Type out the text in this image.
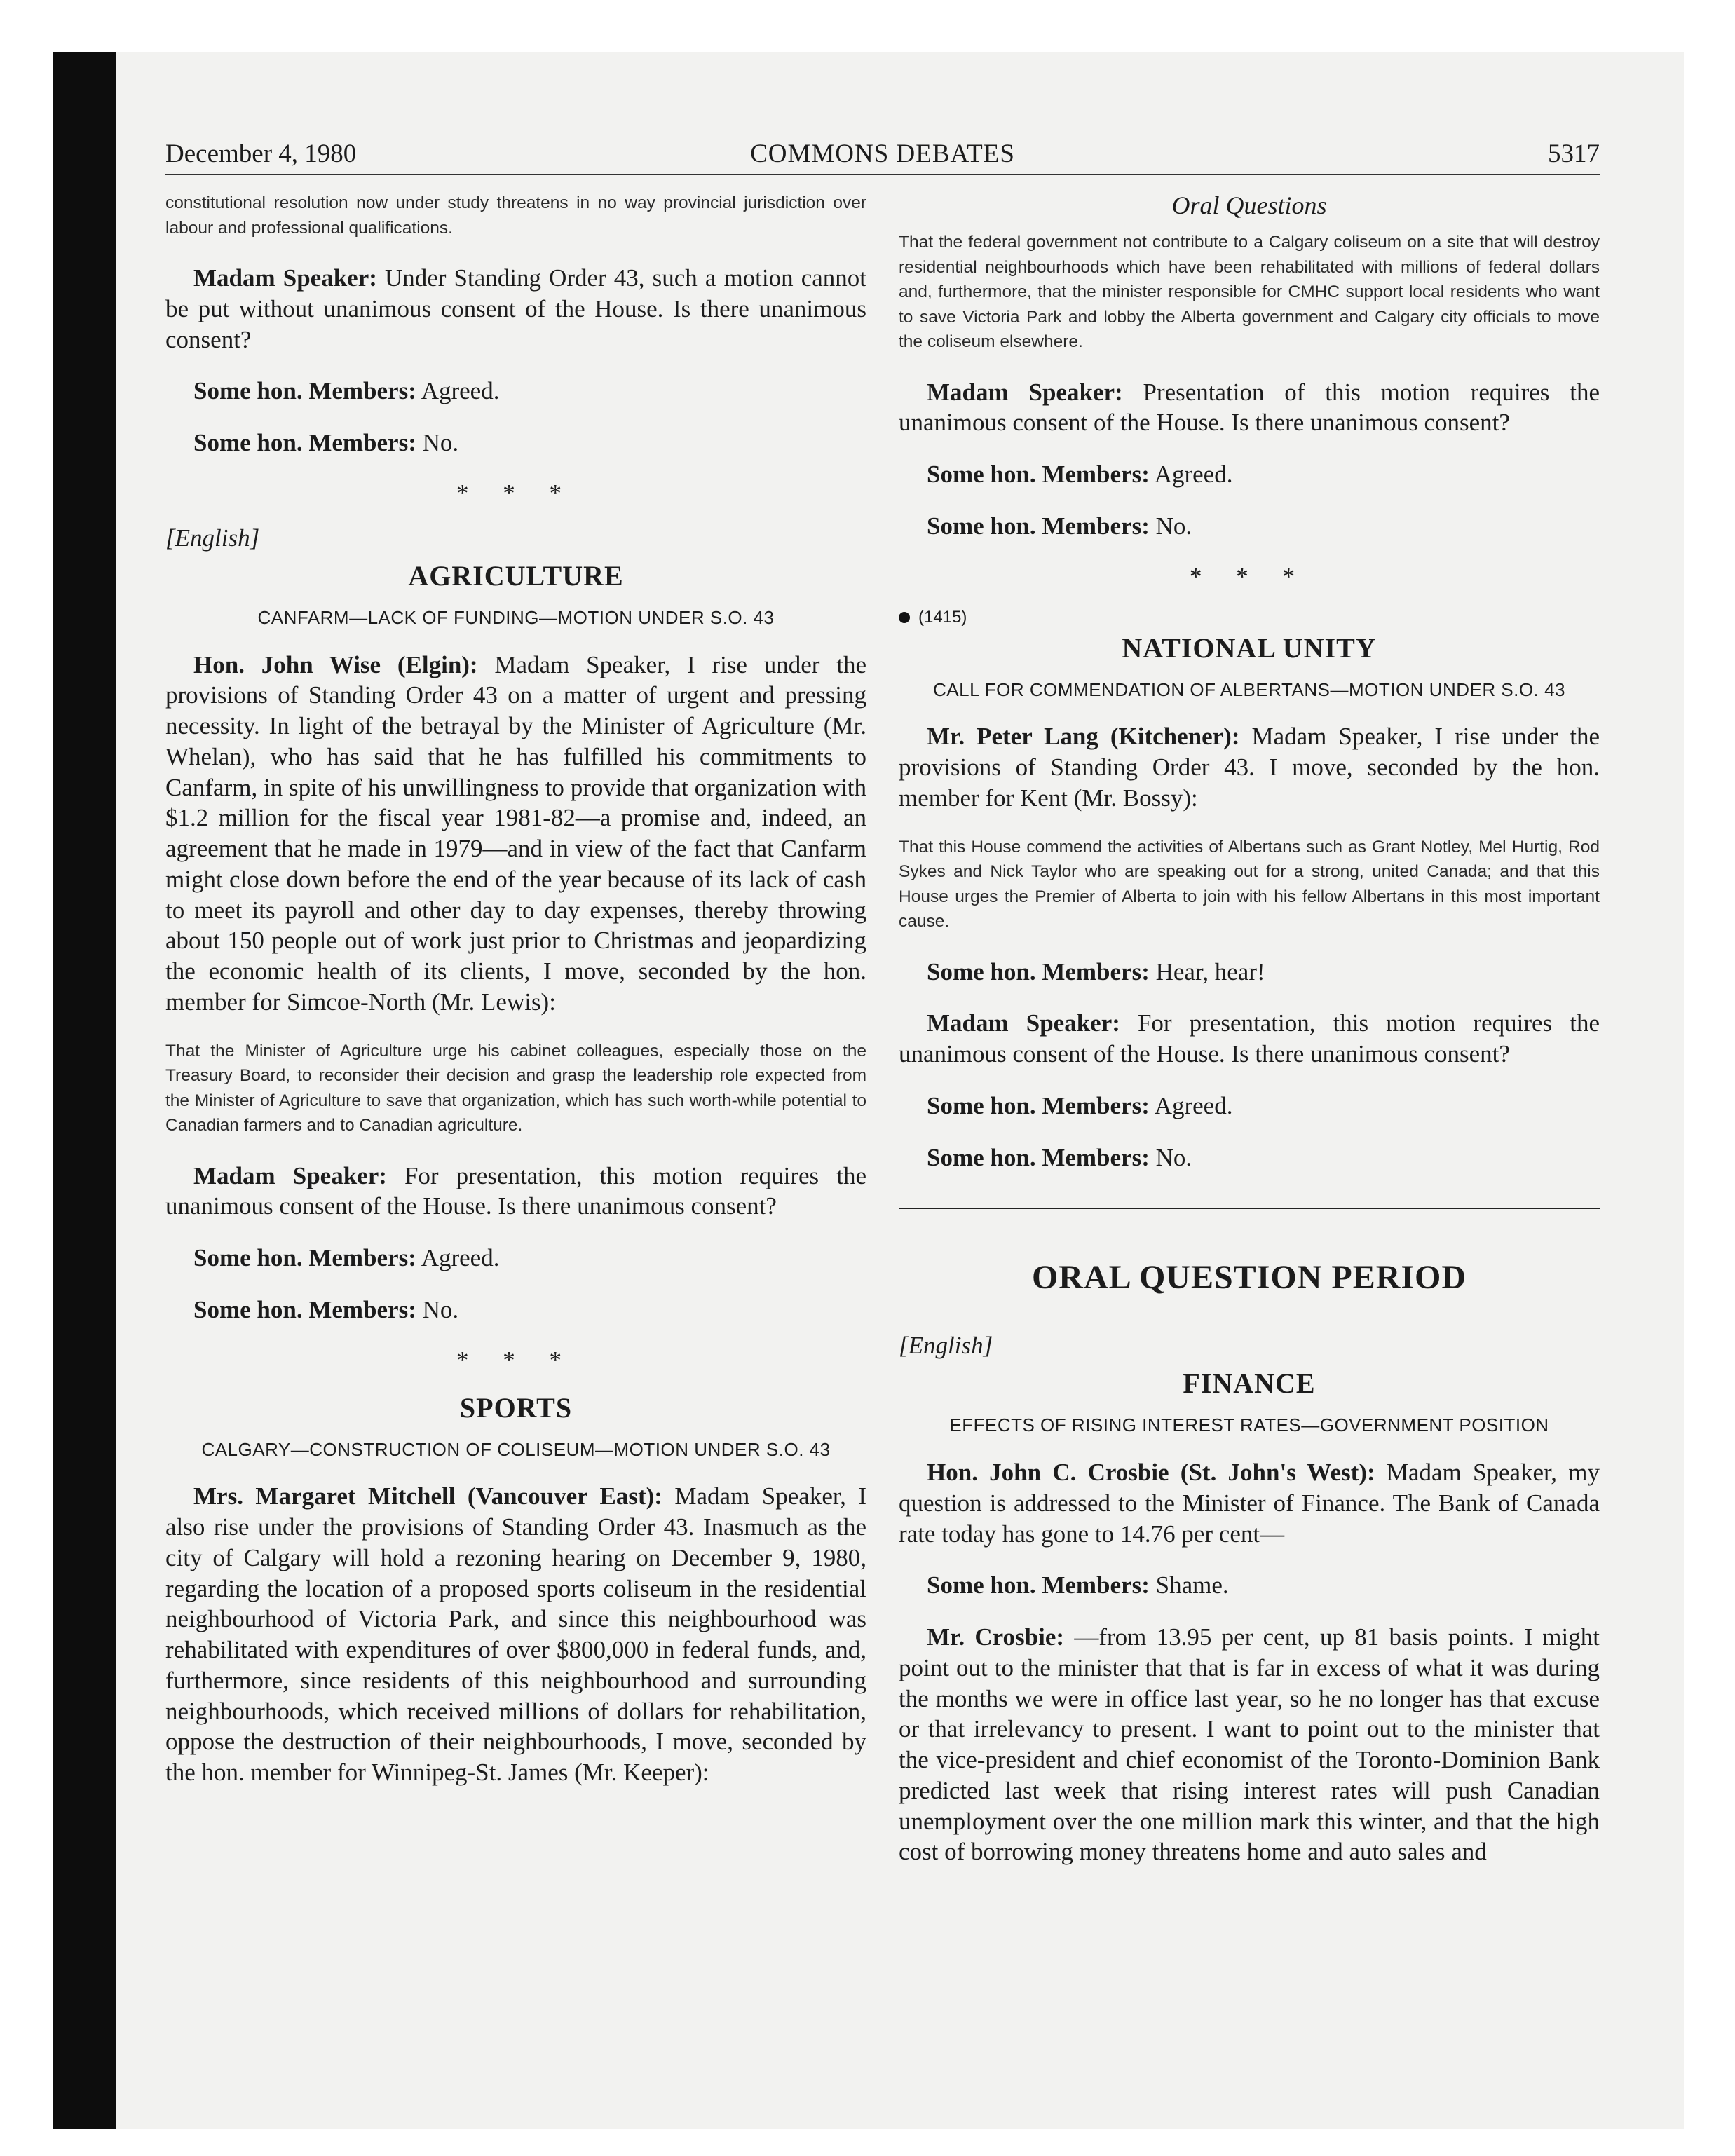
December 4, 1980	COMMONS DEBATES	5317

constitutional resolution now under study threatens in no way provincial jurisdiction over labour and professional qualifications.

Madam Speaker: Under Standing Order 43, such a motion cannot be put without unanimous consent of the House. Is there unanimous consent?

Some hon. Members: Agreed.

Some hon. Members: No.

* * *
[English]
AGRICULTURE
CANFARM—LACK OF FUNDING—MOTION UNDER S.O. 43

Hon. John Wise (Elgin): Madam Speaker, I rise under the provisions of Standing Order 43 on a matter of urgent and pressing necessity. In light of the betrayal by the Minister of Agriculture (Mr. Whelan), who has said that he has fulfilled his commitments to Canfarm, in spite of his unwillingness to provide that organization with $1.2 million for the fiscal year 1981-82—a promise and, indeed, an agreement that he made in 1979—and in view of the fact that Canfarm might close down before the end of the year because of its lack of cash to meet its payroll and other day to day expenses, thereby throwing about 150 people out of work just prior to Christmas and jeopardizing the economic health of its clients, I move, seconded by the hon. member for Simcoe-North (Mr. Lewis):

That the Minister of Agriculture urge his cabinet colleagues, especially those on the Treasury Board, to reconsider their decision and grasp the leadership role expected from the Minister of Agriculture to save that organization, which has such worth-while potential to Canadian farmers and to Canadian agriculture.

Madam Speaker: For presentation, this motion requires the unanimous consent of the House. Is there unanimous consent?

Some hon. Members: Agreed.

Some hon. Members: No.

* * *
SPORTS
CALGARY—CONSTRUCTION OF COLISEUM—MOTION UNDER S.O. 43

Mrs. Margaret Mitchell (Vancouver East): Madam Speaker, I also rise under the provisions of Standing Order 43. Inasmuch as the city of Calgary will hold a rezoning hearing on December 9, 1980, regarding the location of a proposed sports coliseum in the residential neighbourhood of Victoria Park, and since this neighbourhood was rehabilitated with expenditures of over $800,000 in federal funds, and, furthermore, since residents of this neighbourhood and surrounding neighbourhoods, which received millions of dollars for rehabilitation, oppose the destruction of their neighbourhoods, I move, seconded by the hon. member for Winnipeg-St. James (Mr. Keeper):

Oral Questions

That the federal government not contribute to a Calgary coliseum on a site that will destroy residential neighbourhoods which have been rehabilitated with millions of federal dollars and, furthermore, that the minister responsible for CMHC support local residents who want to save Victoria Park and lobby the Alberta government and Calgary city officials to move the coliseum elsewhere.

Madam Speaker: Presentation of this motion requires the unanimous consent of the House. Is there unanimous consent?

Some hon. Members: Agreed.

Some hon. Members: No.

* * *
(1415)
NATIONAL UNITY
CALL FOR COMMENDATION OF ALBERTANS—MOTION UNDER S.O. 43

Mr. Peter Lang (Kitchener): Madam Speaker, I rise under the provisions of Standing Order 43. I move, seconded by the hon. member for Kent (Mr. Bossy):

That this House commend the activities of Albertans such as Grant Notley, Mel Hurtig, Rod Sykes and Nick Taylor who are speaking out for a strong, united Canada; and that this House urges the Premier of Alberta to join with his fellow Albertans in this most important cause.

Some hon. Members: Hear, hear!

Madam Speaker: For presentation, this motion requires the unanimous consent of the House. Is there unanimous consent?

Some hon. Members: Agreed.

Some hon. Members: No.

ORAL QUESTION PERIOD
[English]
FINANCE
EFFECTS OF RISING INTEREST RATES—GOVERNMENT POSITION

Hon. John C. Crosbie (St. John's West): Madam Speaker, my question is addressed to the Minister of Finance. The Bank of Canada rate today has gone to 14.76 per cent—

Some hon. Members: Shame.

Mr. Crosbie: —from 13.95 per cent, up 81 basis points. I might point out to the minister that that is far in excess of what it was during the months we were in office last year, so he no longer has that excuse or that irrelevancy to present. I want to point out to the minister that the vice-president and chief economist of the Toronto-Dominion Bank predicted last week that rising interest rates will push Canadian unemployment over the one million mark this winter, and that the high cost of borrowing money threatens home and auto sales and
